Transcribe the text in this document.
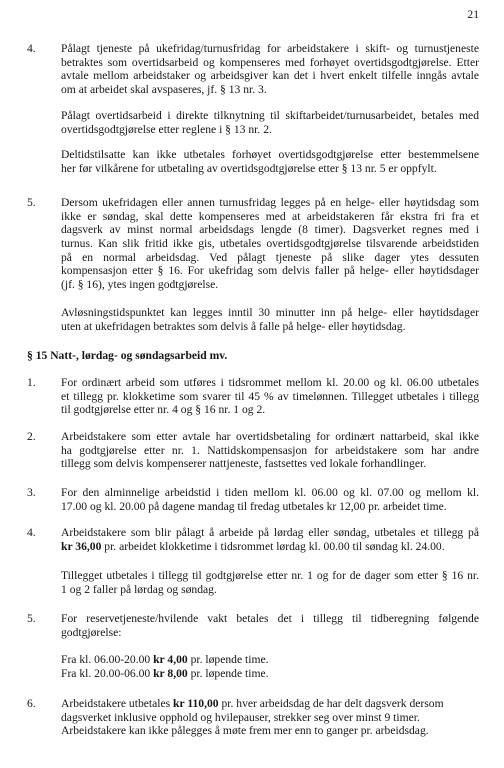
21
4. Pålagt tjeneste på ukefridag/turnusfridag for arbeidstakere i skift- og turnustjeneste
betraktes som overtidsarbeid og kompenseres med forhøyet overtidsgodtgjørelse. Etter
avtale mellom arbeidstaker og arbeidsgiver kan det i hvert enkelt tilfelle inngås avtale
om at arbeidet skal avspaseres, jf. § 13 nr. 3.
Pålagt overtidsarbeid i direkte tilknytning til skiftarbeidet/turnusarbeidet, betales med
overtidsgodtgjørelse etter reglene i § 13 nr. 2.
Deltidstilsatte kan ikke utbetales forhøyet overtidsgodtgjørelse etter bestemmelsene
her før vilkårene for utbetaling av overtidsgodtgjørelse etter § 13 nr. 5 er oppfylt.
5. Dersom ukefridagen eller annen turnusfridag legges på en helge- eller høytidsdag som
ikke er søndag, skal dette kompenseres med at arbeidstakeren får ekstra fri fra et
dagsverk av minst normal arbeidsdags lengde (8 timer). Dagsverket regnes med i
turnus. Kan slik fritid ikke gis, utbetales overtidsgodtgjørelse tilsvarende arbeidstiden
på en normal arbeidsdag. Ved pålagt tjeneste på slike dager ytes dessuten
kompensasjon etter § 16. For ukefridag som delvis faller på helge- eller høytidsdager
(jf. § 16), ytes ingen godtgjørelse.
Avløsningstidspunktet kan legges inntil 30 minutter inn på helge- eller høytidsdager
uten at ukefridagen betraktes som delvis å falle på helge- eller høytidsdag.
§ 15 Natt-, lørdag- og søndagsarbeid mv.
1. For ordinært arbeid som utføres i tidsrommet mellom kl. 20.00 og kl. 06.00 utbetales
et tillegg pr. klokketime som svarer til 45 % av timelønnen. Tillegget utbetales i tillegg
til godtgjørelse etter nr. 4 og § 16 nr. 1 og 2.
2. Arbeidstakere som etter avtale har overtidsbetaling for ordinært nattarbeid, skal ikke
ha godtgjørelse etter nr. 1. Nattidskompensasjon for arbeidstakere som har andre
tillegg som delvis kompenserer nattjeneste, fastsettes ved lokale forhandlinger.
3. For den alminnelige arbeidstid i tiden mellom kl. 06.00 og kl. 07.00 og mellom kl.
17.00 og kl. 20.00 på dagene mandag til fredag utbetales kr 12,00 pr. arbeidet time.
4. Arbeidstakere som blir pålagt å arbeide på lørdag eller søndag, utbetales et tillegg på
kr 36,00 pr. arbeidet klokketime i tidsrommet lørdag kl. 00.00 til søndag kl. 24.00.
Tillegget utbetales i tillegg til godtgjørelse etter nr. 1 og for de dager som etter § 16 nr.
1 og 2 faller på lørdag og søndag.
5. For reservetjeneste/hvilende vakt betales det i tillegg til tidberegning følgende
godtgjørelse:
Fra kl. 06.00-20.00 kr 4,00 pr. løpende time.
Fra kl. 20.00-06.00 kr 8,00 pr. løpende time.
6. Arbeidstakere utbetales kr 110,00 pr. hver arbeidsdag de har delt dagsverk dersom
dagsverket inklusive opphold og hvilepauser, strekker seg over minst 9 timer.
Arbeidstakere kan ikke pålegges å møte frem mer enn to ganger pr. arbeidsdag.
